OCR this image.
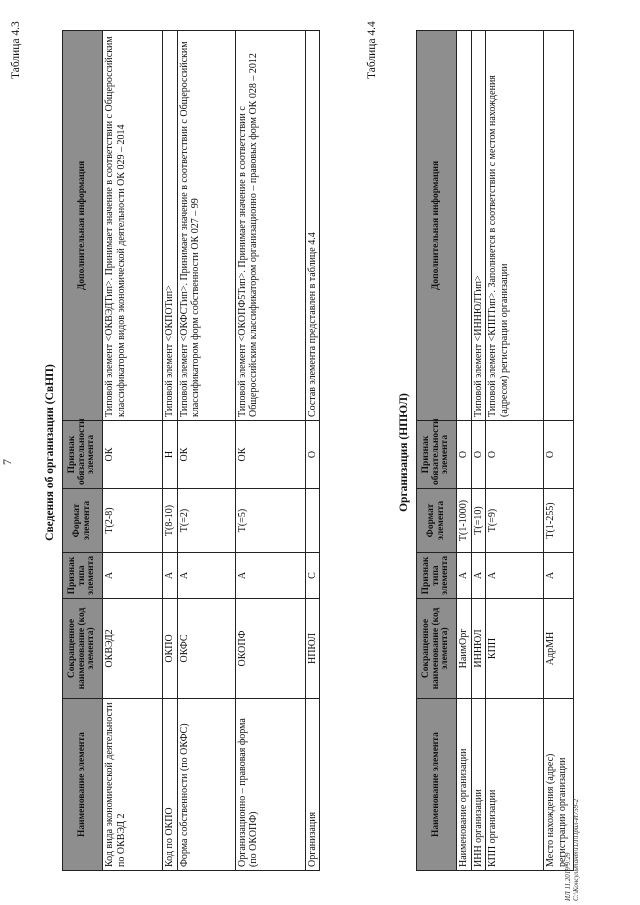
7
Таблица 4.3
Сведения об организации (СвНП)
Наименование элемента	Сокращенное наименование (код элемента)	Признак типа элемента	Формат элемента	Признак обязательности элемента	Дополнительная информация
Код вида экономической деятельности по ОКВЭД 2	ОКВЭД2	А	T(2-8)	ОК	Типовой элемент <ОКВЭДТип>. Принимает значение в соответствии с Общероссийским классификатором видов экономической деятельности ОК 029 – 2014
Код по ОКПО	ОКПО	А	T(8-10)	Н	Типовой элемент <ОКПОТип>
Форма собственности (по ОКФС)	ОКФС	А	T(=2)	ОК	Типовой элемент <ОКФСТип>. Принимает значение в соответствии с Общероссийским классификатором форм собственности ОК 027 – 99
Организационно – правовая форма (по ОКОПФ)	ОКОПФ	А	T(=5)	ОК	Типовой элемент <ОКОПФ5Тип>. Принимает значение в соответствии с Общероссийским классификатором организационно – правовых форм ОК 028 – 2012
Организация	НПЮЛ	С		О	Состав элемента представлен в таблице 4.4
Таблица 4.4
Организация (НПЮЛ)
Наименование элемента	Сокращенное наименование (код элемента)	Признак типа элемента	Формат элемента	Признак обязательности элемента	Дополнительная информация
Наименование организации	НаимОрг	А	T(1-1000)	О	
ИНН организации	ИННЮЛ	А	T(=10)	О	Типовой элемент <ИННЮЛТип>
КПП организации	КПП	А	T(=9)	О	Типовой элемент <КППТип>. Заполняется в соответствии с местом нахождения (адресом) регистрации организации
Место нахождения (адрес) регистрации организации	АдрМН	А	T(1-255)	О	
ИЛ 11.2019 9:29 С:\Консультант\ПЛ\Прил-И759-2
